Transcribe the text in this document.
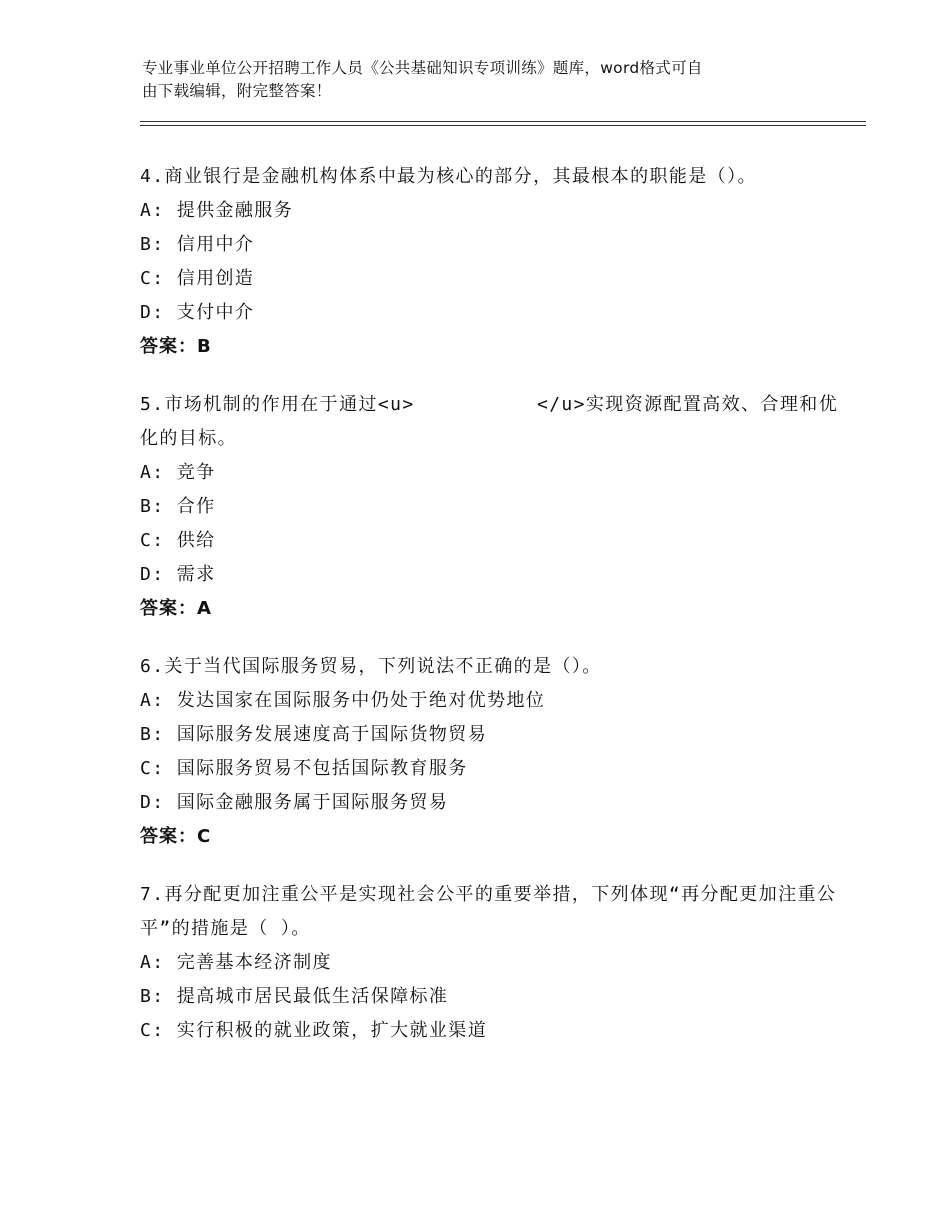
专业事业单位公开招聘工作人员《公共基础知识专项训练》题库，word格式可自
由下载编辑，附完整答案！

4.商业银行是金融机构体系中最为核心的部分，其最根本的职能是（）。

A: 提供金融服务
B: 信用中介
C: 信用创造
D: 支付中介
答案：B

5.市场机制的作用在于通过<u>          </u>实现资源配置高效、合理和优化的目标。

A: 竞争
B: 合作
C: 供给
D: 需求
答案：A

6.关于当代国际服务贸易，下列说法不正确的是（）。

A: 发达国家在国际服务中仍处于绝对优势地位
B: 国际服务发展速度高于国际货物贸易
C: 国际服务贸易不包括国际教育服务
D: 国际金融服务属于国际服务贸易
答案：C

7.再分配更加注重公平是实现社会公平的重要举措，下列体现“再分配更加注重公平”的措施是（ ）。

A: 完善基本经济制度
B: 提高城市居民最低生活保障标准
C: 实行积极的就业政策，扩大就业渠道
